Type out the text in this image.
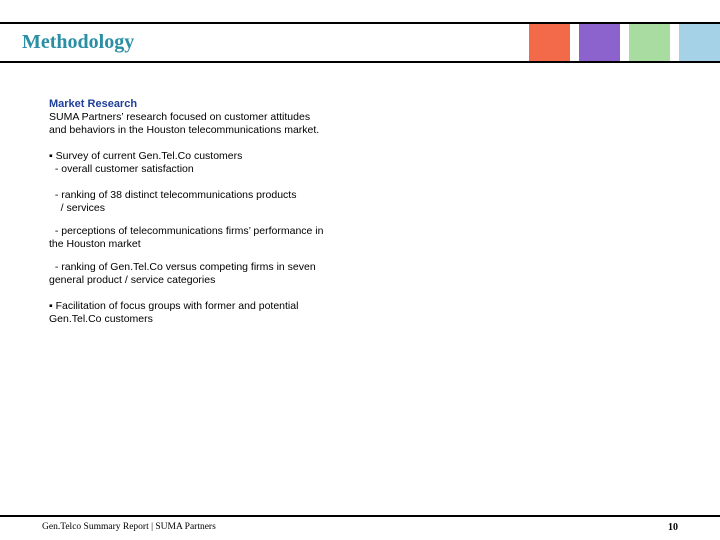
Methodology
Market Research
SUMA Partners’ research focused on customer attitudes
and behaviors in the Houston telecommunications market.
▪ Survey of current Gen.Tel.Co customers
- overall customer satisfaction
- ranking of 38 distinct telecommunications products
/ services
- perceptions of telecommunications firms’ performance in
the Houston market
- ranking of Gen.Tel.Co versus competing firms in seven
general product / service categories
▪ Facilitation of focus groups with former and potential
Gen.Tel.Co customers
Gen.Telco Summary Report | SUMA Partners	10
